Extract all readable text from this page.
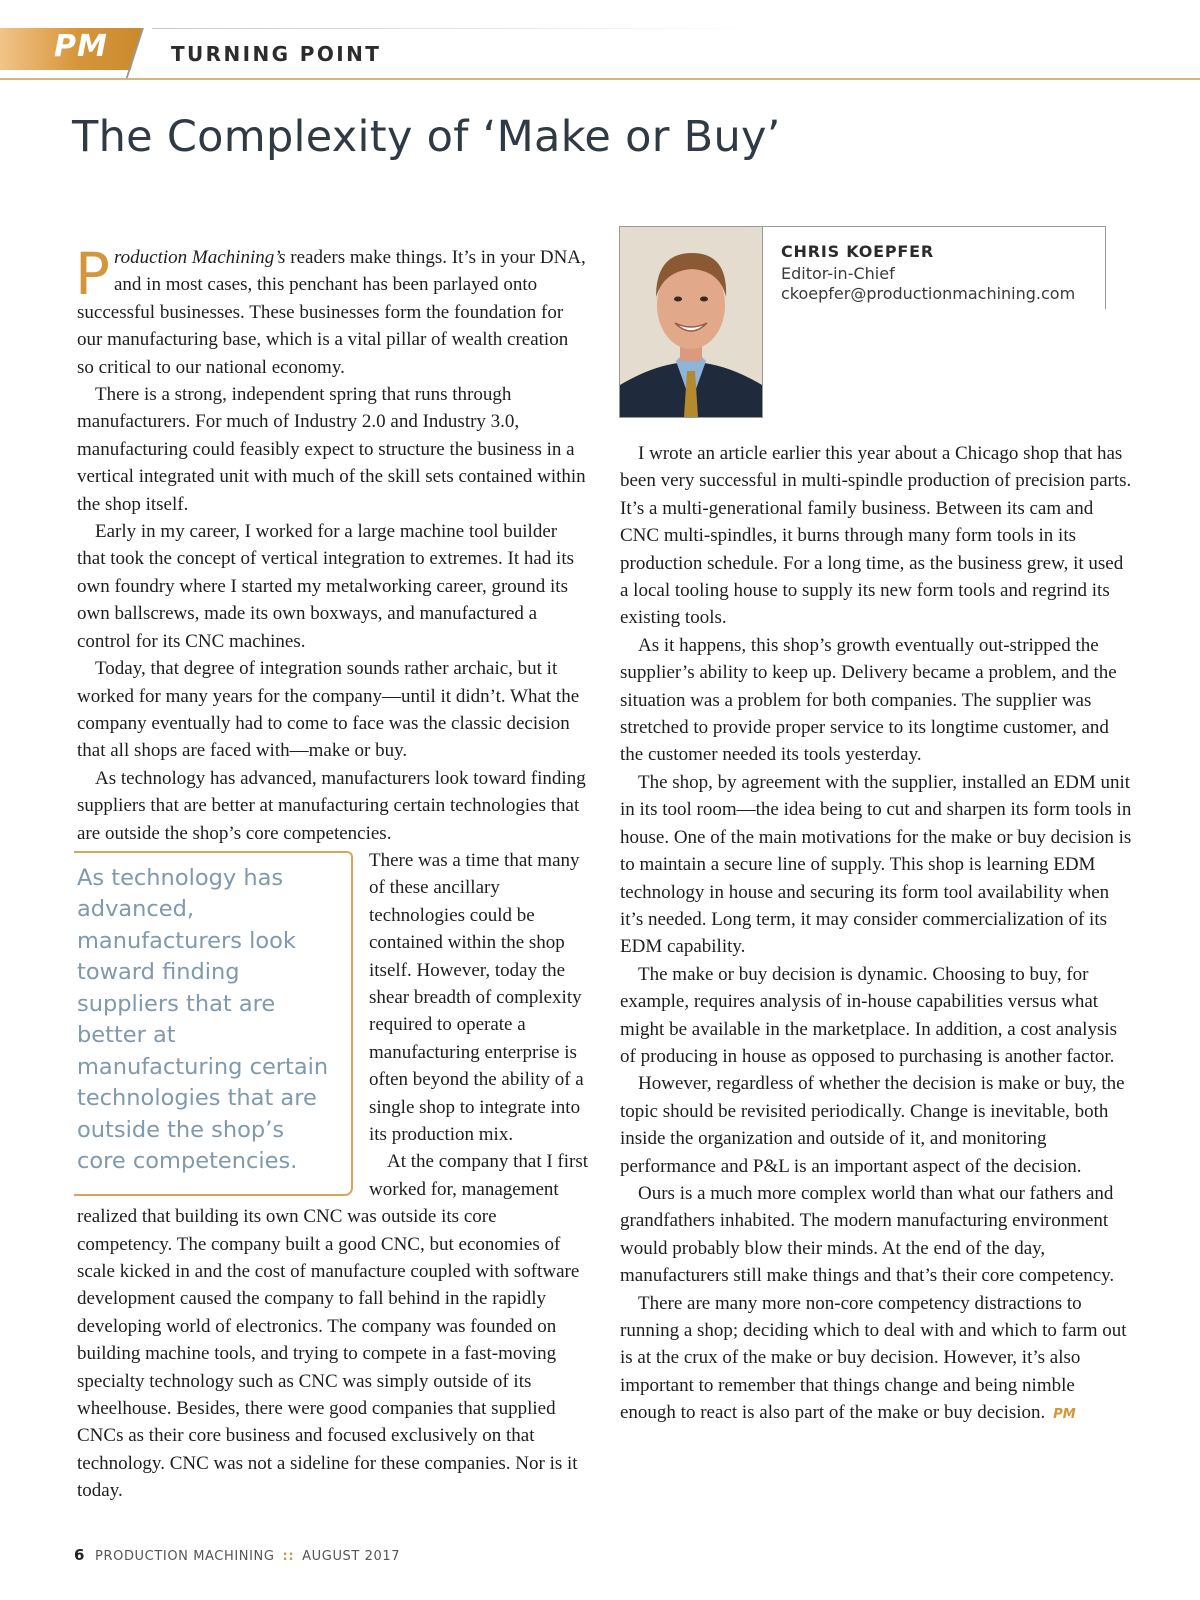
PM	TURNING POINT
The Complexity of ‘Make or Buy’

Production Machining’s readers make things. It’s in your DNA, and in most cases, this penchant has been parlayed onto successful businesses. These businesses form the foundation for our manufacturing base, which is a vital pillar of wealth creation so critical to our national economy.

There is a strong, independent spring that runs through manufacturers. For much of Industry 2.0 and Industry 3.0, manufacturing could feasibly expect to structure the business in a vertical integrated unit with much of the skill sets contained within the shop itself.

Early in my career, I worked for a large machine tool builder that took the concept of vertical integration to extremes. It had its own foundry where I started my metalworking career, ground its own ballscrews, made its own boxways, and manufactured a control for its CNC machines.

Today, that degree of integration sounds rather archaic, but it worked for many years for the company—until it didn’t. What the company eventually had to come to face was the classic decision that all shops are faced with—make or buy.

As technology has advanced, manufacturers look toward finding suppliers that are better at manufacturing certain technologies that are outside the shop’s core competencies.

As technology has advanced, manufacturers look toward finding suppliers that are better at manufacturing certain technologies that are outside the shop’s core competencies.

There was a time that many of these ancillary technologies could be contained within the shop itself. However, today the shear breadth of complexity required to operate a manufacturing enterprise is often beyond the ability of a single shop to integrate into its production mix.

At the company that I first worked for, management realized that building its own CNC was outside its core competency. The company built a good CNC, but economies of scale kicked in and the cost of manufacture coupled with software development caused the company to fall behind in the rapidly developing world of electronics. The company was founded on building machine tools, and trying to compete in a fast-moving specialty technology such as CNC was simply outside of its wheelhouse. Besides, there were good companies that supplied CNCs as their core business and focused exclusively on that technology. CNC was not a sideline for these companies. Nor is it today.

CHRIS KOEPFER
Editor-in-Chief
ckoepfer@productionmachining.com

I wrote an article earlier this year about a Chicago shop that has been very successful in multi-spindle production of precision parts. It’s a multi-generational family business. Between its cam and CNC multi-spindles, it burns through many form tools in its production schedule. For a long time, as the business grew, it used a local tooling house to supply its new form tools and regrind its existing tools.

As it happens, this shop’s growth eventually out-stripped the supplier’s ability to keep up. Delivery became a problem, and the situation was a problem for both companies. The supplier was stretched to provide proper service to its longtime customer, and the customer needed its tools yesterday.

The shop, by agreement with the supplier, installed an EDM unit in its tool room—the idea being to cut and sharpen its form tools in house. One of the main motivations for the make or buy decision is to maintain a secure line of supply. This shop is learning EDM technology in house and securing its form tool availability when it’s needed. Long term, it may consider commercialization of its EDM capability.

The make or buy decision is dynamic. Choosing to buy, for example, requires analysis of in-house capabilities versus what might be available in the marketplace. In addition, a cost analysis of producing in house as opposed to purchasing is another factor.

However, regardless of whether the decision is make or buy, the topic should be revisited periodically. Change is inevitable, both inside the organization and outside of it, and monitoring performance and P&L is an important aspect of the decision.

Ours is a much more complex world than what our fathers and grandfathers inhabited. The modern manufacturing environment would probably blow their minds. At the end of the day, manufacturers still make things and that’s their core competency.

There are many more non-core competency distractions to running a shop; deciding which to deal with and which to farm out is at the crux of the make or buy decision. However, it’s also important to remember that things change and being nimble enough to react is also part of the make or buy decision. PM

6 PRODUCTION MACHINING :: AUGUST 2017
